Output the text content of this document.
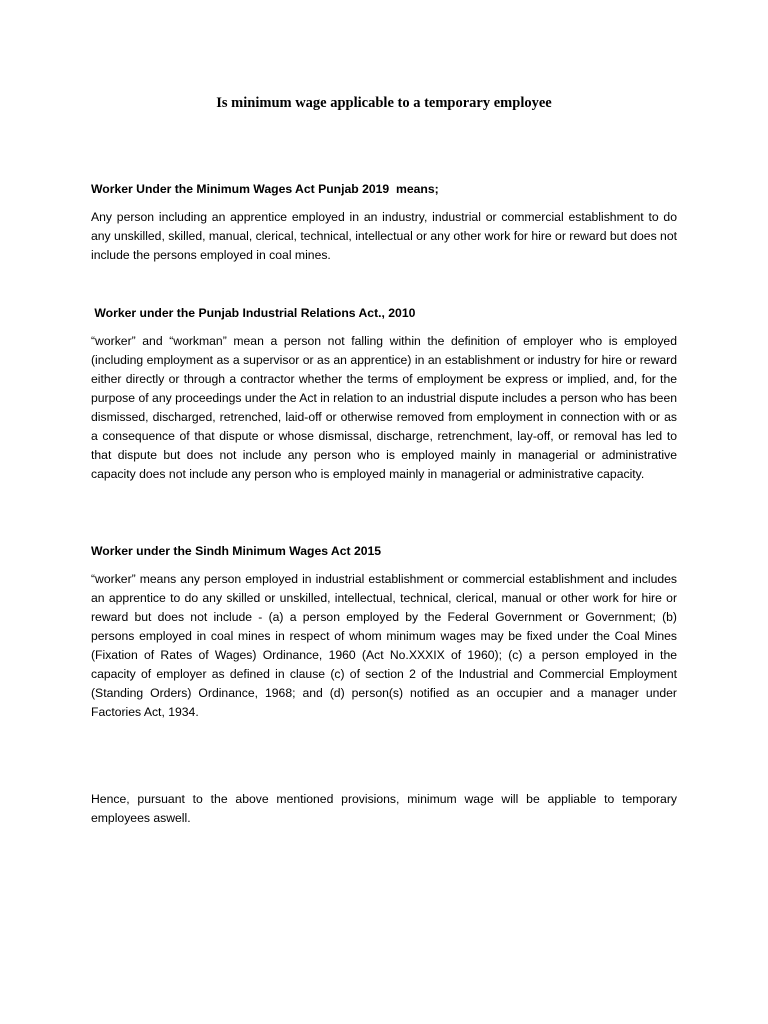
Is minimum wage applicable to a temporary employee
Worker Under the Minimum Wages Act Punjab 2019  means;
Any person including an apprentice employed in an industry, industrial or commercial establishment to do any unskilled, skilled, manual, clerical, technical, intellectual or any other work for hire or reward but does not include the persons employed in coal mines.
Worker under the Punjab Industrial Relations Act., 2010
“worker” and “workman” mean a person not falling within the definition of employer who is employed (including employment as a supervisor or as an apprentice) in an establishment or industry for hire or reward either directly or through a contractor whether the terms of employment be express or implied, and, for the purpose of any proceedings under the Act in relation to an industrial dispute includes a person who has been dismissed, discharged, retrenched, laid-off or otherwise removed from employment in connection with or as a consequence of that dispute or whose dismissal, discharge, retrenchment, lay-off, or removal has led to that dispute but does not include any person who is employed mainly in managerial or administrative capacity does not include any person who is employed mainly in managerial or administrative capacity.
Worker under the Sindh Minimum Wages Act 2015
“worker” means any person employed in industrial establishment or commercial establishment and includes an apprentice to do any skilled or unskilled, intellectual, technical, clerical, manual or other work for hire or reward but does not include - (a) a person employed by the Federal Government or Government; (b) persons employed in coal mines in respect of whom minimum wages may be fixed under the Coal Mines (Fixation of Rates of Wages) Ordinance, 1960 (Act No.XXXIX of 1960); (c) a person employed in the capacity of employer as defined in clause (c) of section 2 of the Industrial and Commercial Employment (Standing Orders) Ordinance, 1968; and (d) person(s) notified as an occupier and a manager under Factories Act, 1934.
Hence, pursuant to the above mentioned provisions, minimum wage will be appliable to temporary employees aswell.
